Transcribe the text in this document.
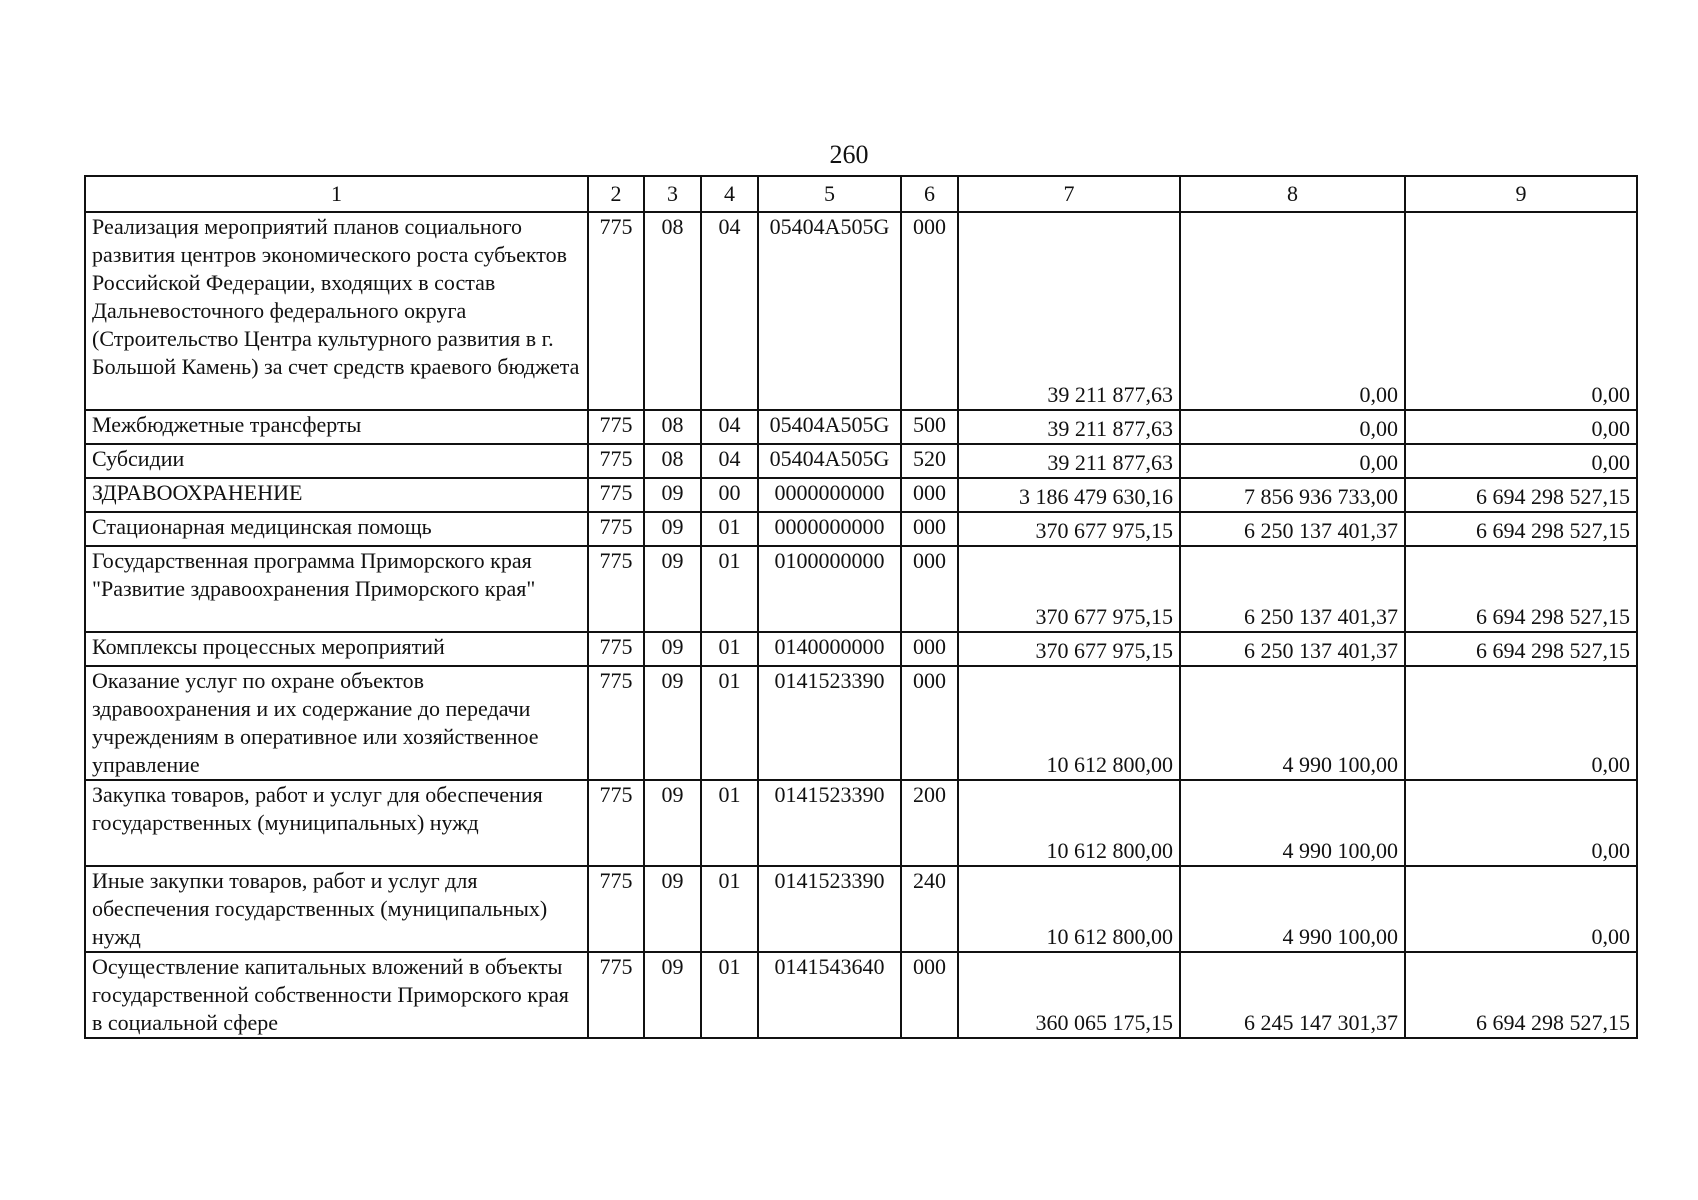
260
1	2	3	4	5	6	7	8	9
Реализация мероприятий планов социального развития центров экономического роста субъектов Российской Федерации, входящих в состав Дальневосточного федерального округа (Строительство Центра культурного развития в г. Большой Камень) за счет средств краевого бюджета	775	08	04	05404А505G	000	39 211 877,63	0,00	0,00
Межбюджетные трансферты	775	08	04	05404А505G	500	39 211 877,63	0,00	0,00
Субсидии	775	08	04	05404А505G	520	39 211 877,63	0,00	0,00
ЗДРАВООХРАНЕНИЕ	775	09	00	0000000000	000	3 186 479 630,16	7 856 936 733,00	6 694 298 527,15
Стационарная медицинская помощь	775	09	01	0000000000	000	370 677 975,15	6 250 137 401,37	6 694 298 527,15
Государственная программа Приморского края "Развитие здравоохранения Приморского края"	775	09	01	0100000000	000	370 677 975,15	6 250 137 401,37	6 694 298 527,15
Комплексы процессных мероприятий	775	09	01	0140000000	000	370 677 975,15	6 250 137 401,37	6 694 298 527,15
Оказание услуг по охране объектов здравоохранения и их содержание до передачи учреждениям в оперативное или хозяйственное управление	775	09	01	0141523390	000	10 612 800,00	4 990 100,00	0,00
Закупка товаров, работ и услуг для обеспечения государственных (муниципальных) нужд	775	09	01	0141523390	200	10 612 800,00	4 990 100,00	0,00
Иные закупки товаров, работ и услуг для обеспечения государственных (муниципальных) нужд	775	09	01	0141523390	240	10 612 800,00	4 990 100,00	0,00
Осуществление капитальных вложений в объекты государственной собственности Приморского края в социальной сфере	775	09	01	0141543640	000	360 065 175,15	6 245 147 301,37	6 694 298 527,15
